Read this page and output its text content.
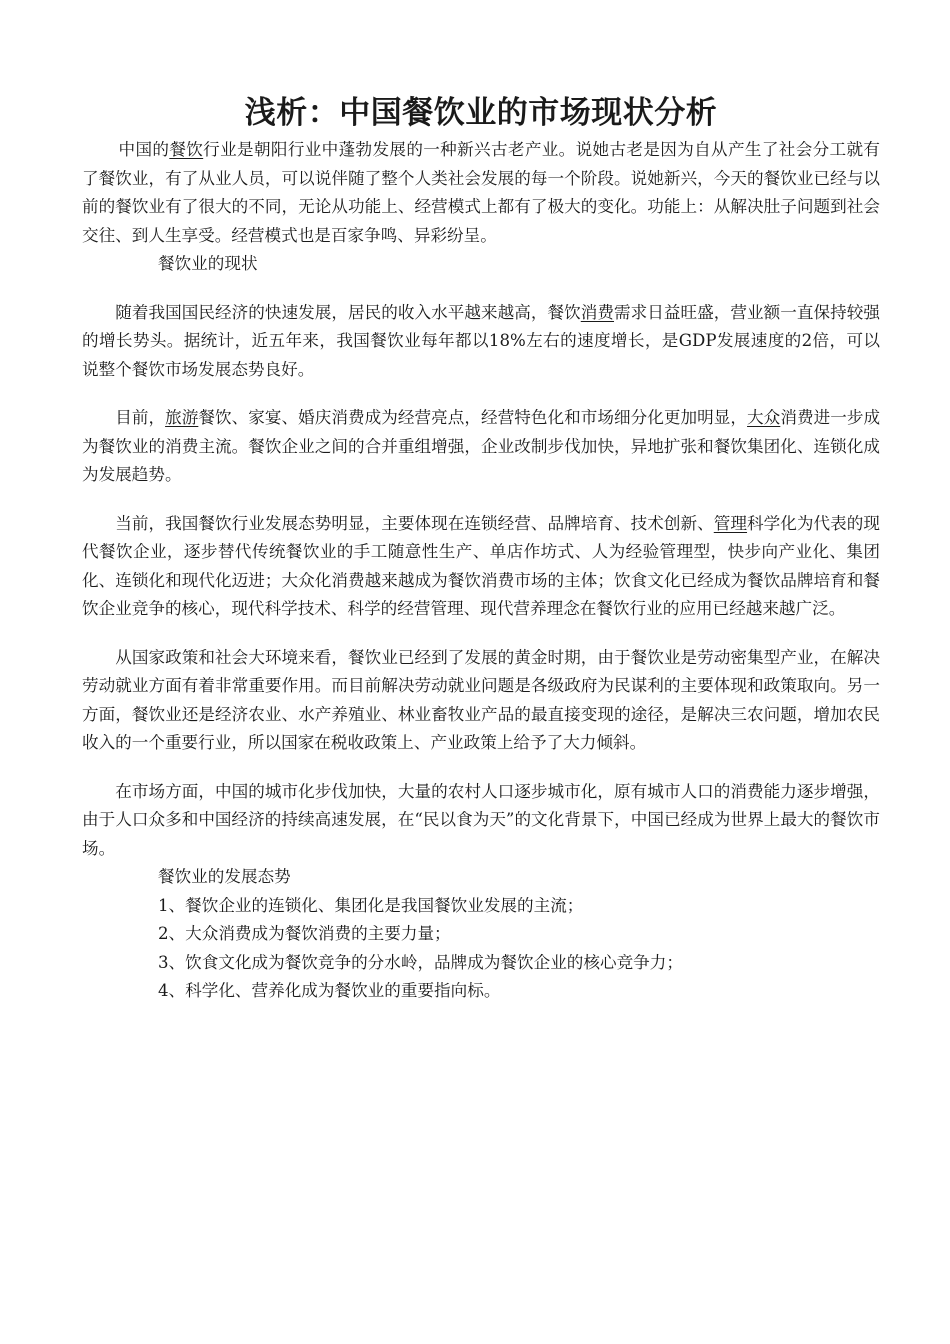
浅析：中国餐饮业的市场现状分析

中国的餐饮行业是朝阳行业中蓬勃发展的一种新兴古老产业。说她古老是因为自从产生了社会分工就有了餐饮业，有了从业人员，可以说伴随了整个人类社会发展的每一个阶段。说她新兴，今天的餐饮业已经与以前的餐饮业有了很大的不同，无论从功能上、经营模式上都有了极大的变化。功能上：从解决肚子问题到社会交往、到人生享受。经营模式也是百家争鸣、异彩纷呈。

餐饮业的现状

随着我国国民经济的快速发展，居民的收入水平越来越高，餐饮消费需求日益旺盛，营业额一直保持较强的增长势头。据统计，近五年来，我国餐饮业每年都以18%左右的速度增长，是GDP发展速度的2倍，可以说整个餐饮市场发展态势良好。

目前，旅游餐饮、家宴、婚庆消费成为经营亮点，经营特色化和市场细分化更加明显，大众消费进一步成为餐饮业的消费主流。餐饮企业之间的合并重组增强，企业改制步伐加快，异地扩张和餐饮集团化、连锁化成为发展趋势。

当前，我国餐饮行业发展态势明显，主要体现在连锁经营、品牌培育、技术创新、管理科学化为代表的现代餐饮企业，逐步替代传统餐饮业的手工随意性生产、单店作坊式、人为经验管理型，快步向产业化、集团化、连锁化和现代化迈进；大众化消费越来越成为餐饮消费市场的主体；饮食文化已经成为餐饮品牌培育和餐饮企业竞争的核心，现代科学技术、科学的经营管理、现代营养理念在餐饮行业的应用已经越来越广泛。

从国家政策和社会大环境来看，餐饮业已经到了发展的黄金时期，由于餐饮业是劳动密集型产业，在解决劳动就业方面有着非常重要作用。而目前解决劳动就业问题是各级政府为民谋利的主要体现和政策取向。另一方面，餐饮业还是经济农业、水产养殖业、林业畜牧业产品的最直接变现的途径，是解决三农问题，增加农民收入的一个重要行业，所以国家在税收政策上、产业政策上给予了大力倾斜。

在市场方面，中国的城市化步伐加快，大量的农村人口逐步城市化，原有城市人口的消费能力逐步增强，由于人口众多和中国经济的持续高速发展，在“民以食为天”的文化背景下，中国已经成为世界上最大的餐饮市场。

餐饮业的发展态势

1、餐饮企业的连锁化、集团化是我国餐饮业发展的主流；

2、大众消费成为餐饮消费的主要力量；

3、饮食文化成为餐饮竞争的分水岭，品牌成为餐饮企业的核心竞争力；

4、科学化、营养化成为餐饮业的重要指向标。
